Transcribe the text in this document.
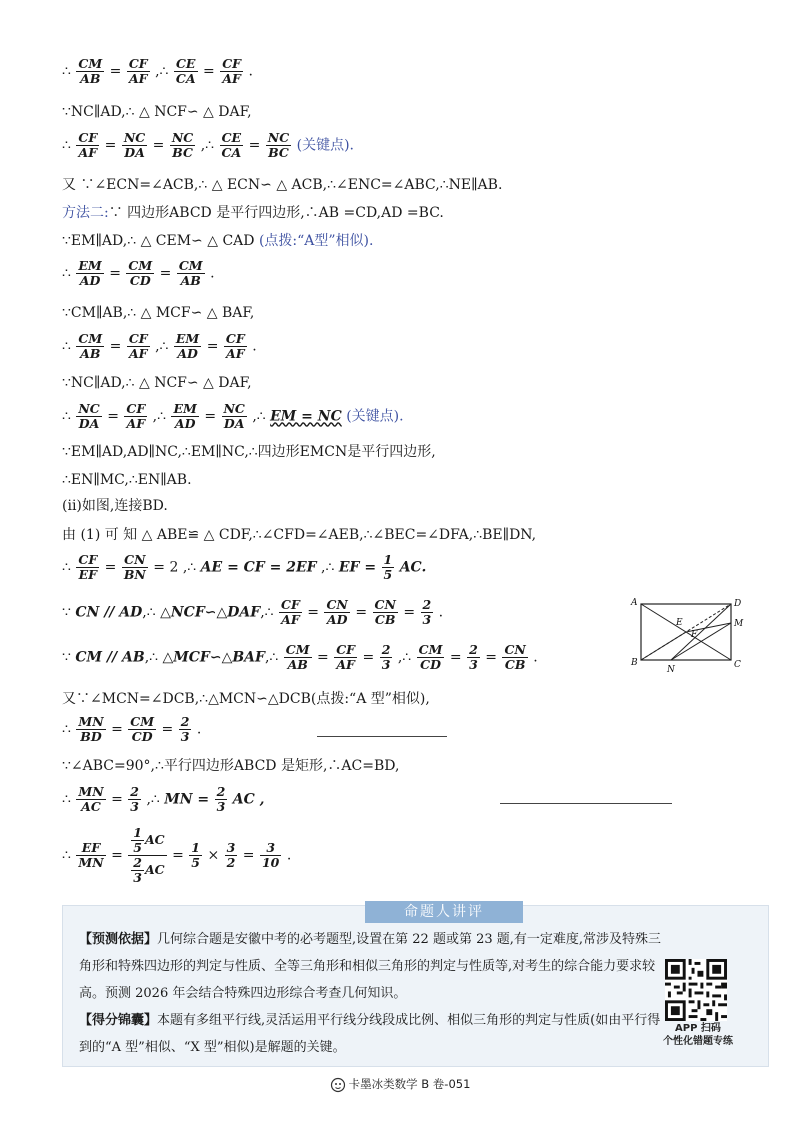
∴ $\frac{CM}{AB} = \frac{CF}{AF}$ ,∴ $\frac{CE}{CA} = \frac{CF}{AF}$ .
∵NC∥AD,∴ △ NCF∽ △ DAF,
∴ $\frac{CF}{AF} = \frac{NC}{DA} = \frac{NC}{BC}$ ,∴ $\frac{CE}{CA} = \frac{NC}{BC}$ (关键点).
又 ∵∠ECN=∠ACB,∴ △ ECN∽ △ ACB,∴∠ENC=∠ABC,∴NE∥AB.
方法二:∵ 四边形ABCD 是平行四边形,∴AB =CD,AD =BC.
∵EM∥AD,∴ △ CEM∽ △ CAD (点拨:“A型”相似).
∴ $\frac{EM}{AD} = \frac{CM}{CD} = \frac{CM}{AB}$ .
∵CM∥AB,∴ △ MCF∽ △ BAF,
∴ $\frac{CM}{AB} = \frac{CF}{AF}$ ,∴ $\frac{EM}{AD} = \frac{CF}{AF}$ .
∵NC∥AD,∴ △ NCF∽ △ DAF,
∴ $\frac{NC}{DA} = \frac{CF}{AF}$ ,∴ $\frac{EM}{AD} = \frac{NC}{DA}$ ,∴ EM = NC (关键点).
∵EM∥AD,AD∥NC,∴EM∥NC,∴四边形EMCN是平行四边形,
∴EN∥MC,∴EN∥AB.
(ii)如图,连接BD.
由 (1) 可 知 △ ABE≌ △ CDF,∴∠CFD=∠AEB,∴∠BEC=∠DFA,∴BE∥DN,
∴ $\frac{CF}{EF} = \frac{CN}{BN} = 2$ ,∴ AE = CF = 2EF ,∴ EF = $\frac{1}{5}$ AC.
∵ CN // AD,∴ △NCF∽△DAF,∴ $\frac{CF}{AF} = \frac{CN}{AD} = \frac{CN}{CB} = \frac{2}{3}$ .
∵ CM // AB,∴ △MCF∽△BAF,∴ $\frac{CM}{AB} = \frac{CF}{AF} = \frac{2}{3}$ ,∴ $\frac{CM}{CD} = \frac{2}{3} = \frac{CN}{CB}$ .
又∵∠MCN=∠DCB,∴△MCN∽△DCB(点拨:“A 型”相似),
∴ $\frac{MN}{BD} = \frac{CM}{CD} = \frac{2}{3}$ .
∵∠ABC=90°,∴平行四边形ABCD 是矩形,∴AC=BD,
∴ $\frac{MN}{AC} = \frac{2}{3}$ ,∴ MN = $\frac{2}{3}$ AC ,
∴ $\frac{EF}{MN} = \frac{\frac{1}{5} AC}{\frac{2}{3} AC} = \frac{1}{5} \times \frac{3}{2} = \frac{3}{10}$ .
A	D
E
F
M
B
N	C
命题人讲评
【预测依据】几何综合题是安徽中考的必考题型,设置在第 22 题或第 23 题,有一定难度,常涉及特殊三角形和特殊四边形的判定与性质、全等三角形和相似三角形的判定与性质等,对考生的综合能力要求较高。预测 2026 年会结合特殊四边形综合考查几何知识。
【得分锦囊】本题有多组平行线,灵活运用平行线分线段成比例、相似三角形的判定与性质(如由平行得到的“A 型”相似、“X 型”相似)是解题的关键。
APP 扫码
个性化错题专练
卡墨冰类数学 B 卷-051
